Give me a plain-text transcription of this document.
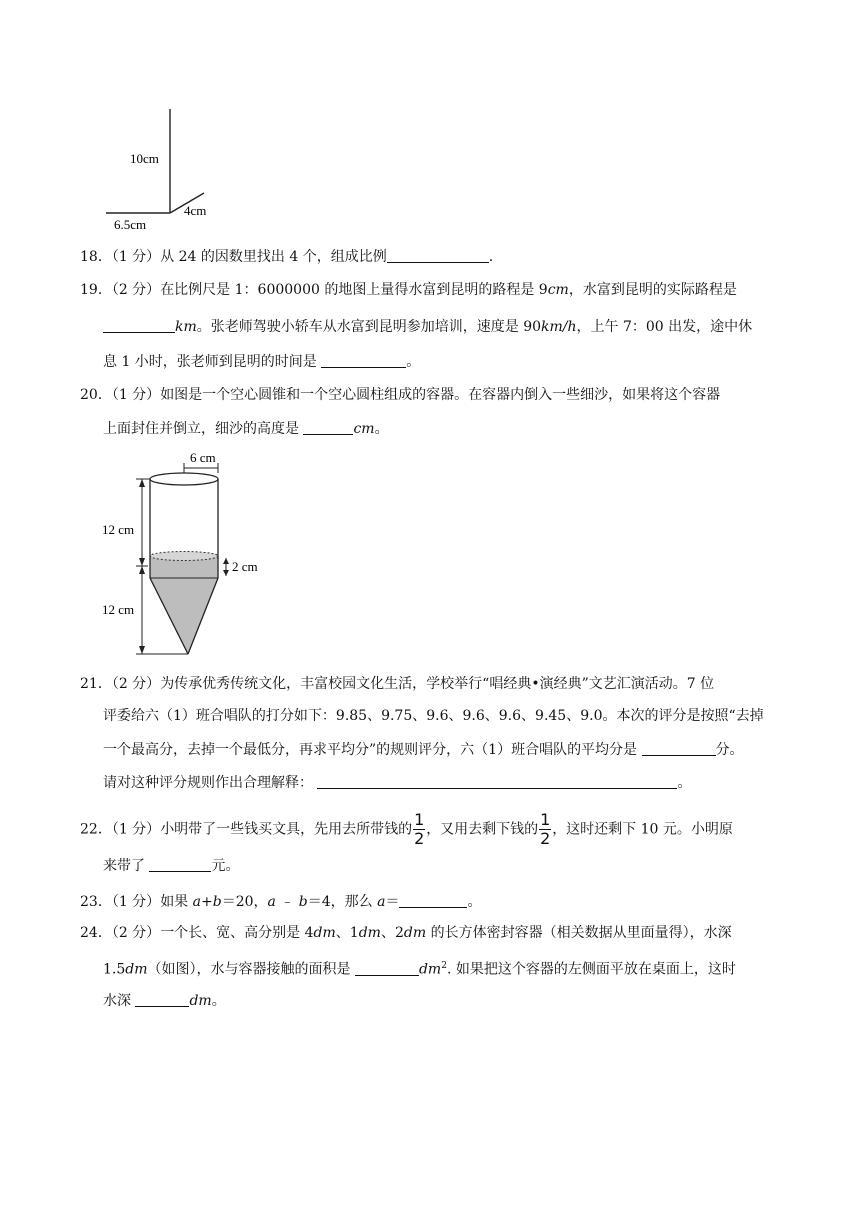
10cm
4cm
6.5cm
18．（1 分）从 24 的因数里找出 4 个，组成比例	.
19．（2 分）在比例尺是 1：6000000 的地图上量得水富到昆明的路程是 9cm，水富到昆明的实际路程是
km。张老师驾驶小轿车从水富到昆明参加培训，速度是 90km/h，上午 7：00 出发，途中休
息 1 小时，张老师到昆明的时间是	。
20．（1 分）如图是一个空心圆锥和一个空心圆柱组成的容器。在容器内倒入一些细沙，如果将这个容器
上面封住并倒立，细沙的高度是	cm。
6 cm
12 cm
12 cm
2 cm
21．（2 分）为传承优秀传统文化，丰富校园文化生活，学校举行“唱经典•演经典”文艺汇演活动。7 位
评委给六（1）班合唱队的打分如下：9.85、9.75、9.6、9.6、9.6、9.45、9.0。本次的评分是按照“去掉
一个最高分，去掉一个最低分，再求平均分”的规则评分，六（1）班合唱队的平均分是	分。
请对这种评分规则作出合理解释：	。
22．（1 分）小明带了一些钱买文具，先用去所带钱的 $\frac{1}{2}$ ，又用去剩下钱的 $\frac{1}{2}$ ，这时还剩下 10 元。小明原
来带了	元。
23．（1 分）如果 a+b＝20，a ﹣ b＝4，那么 a＝	。
24．（2 分）一个长、宽、高分别是 4dm、1dm、2dm 的长方体密封容器（相关数据从里面量得），水深
1.5dm（如图），水与容器接触的面积是	$dm^2$. 如果把这个容器的左侧面平放在桌面上，这时
水深	dm。
